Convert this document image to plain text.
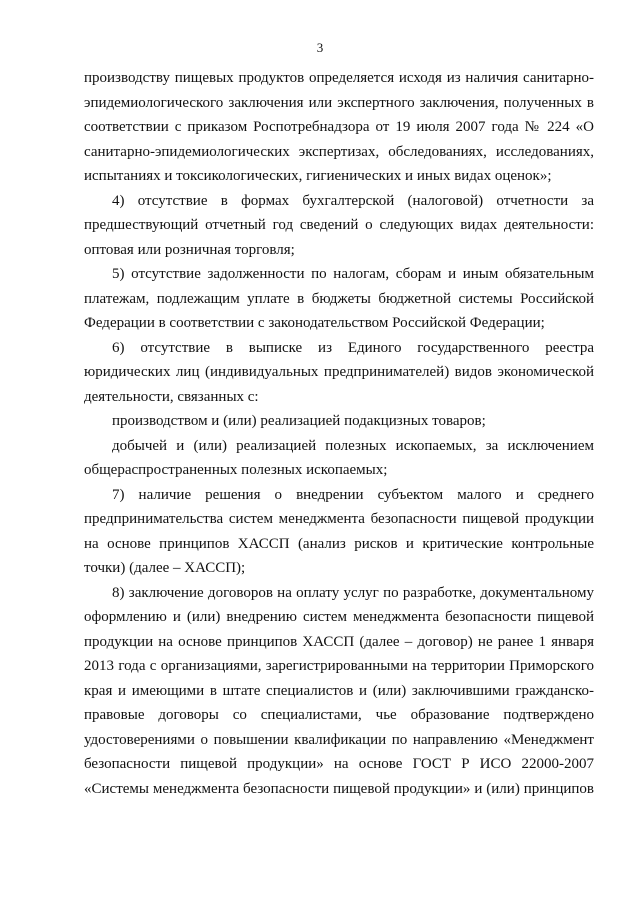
3

производству пищевых продуктов определяется исходя из наличия санитарно-

эпидемиологического заключения или экспертного заключения, полученных в

соответствии с приказом Роспотребнадзора от 19 июля 2007 года № 224 «О

санитарно-эпидемиологических экспертизах, обследованиях, исследованиях,

испытаниях и токсикологических, гигиенических и иных видах оценок»;

4) отсутствие в формах бухгалтерской (налоговой) отчетности за

предшествующий отчетный год сведений о следующих видах деятельности:

оптовая или розничная торговля;

5) отсутствие задолженности по налогам, сборам и иным обязательным

платежам, подлежащим уплате в бюджеты бюджетной системы Российской

Федерации в соответствии с законодательством Российской Федерации;

6) отсутствие в выписке из Единого государственного реестра

юридических лиц (индивидуальных предпринимателей) видов экономической

деятельности, связанных с:

производством и (или) реализацией подакцизных товаров;

добычей и (или) реализацией полезных ископаемых, за исключением

общераспространенных полезных ископаемых;

7) наличие решения о внедрении субъектом малого и среднего

предпринимательства систем менеджмента безопасности пищевой продукции

на основе принципов ХАССП (анализ рисков и критические контрольные

точки) (далее – ХАССП);

8) заключение договоров на оплату услуг по разработке, документальному

оформлению и (или) внедрению систем менеджмента безопасности пищевой

продукции на основе принципов ХАССП (далее – договор) не ранее 1 января

2013 года с организациями, зарегистрированными на территории Приморского

края и имеющими в штате специалистов и (или) заключившими гражданско-

правовые договоры со специалистами, чье образование подтверждено

удостоверениями о повышении квалификации по направлению «Менеджмент

безопасности пищевой продукции» на основе ГОСТ Р ИСО 22000-2007

«Системы менеджмента безопасности пищевой продукции» и (или) принципов
